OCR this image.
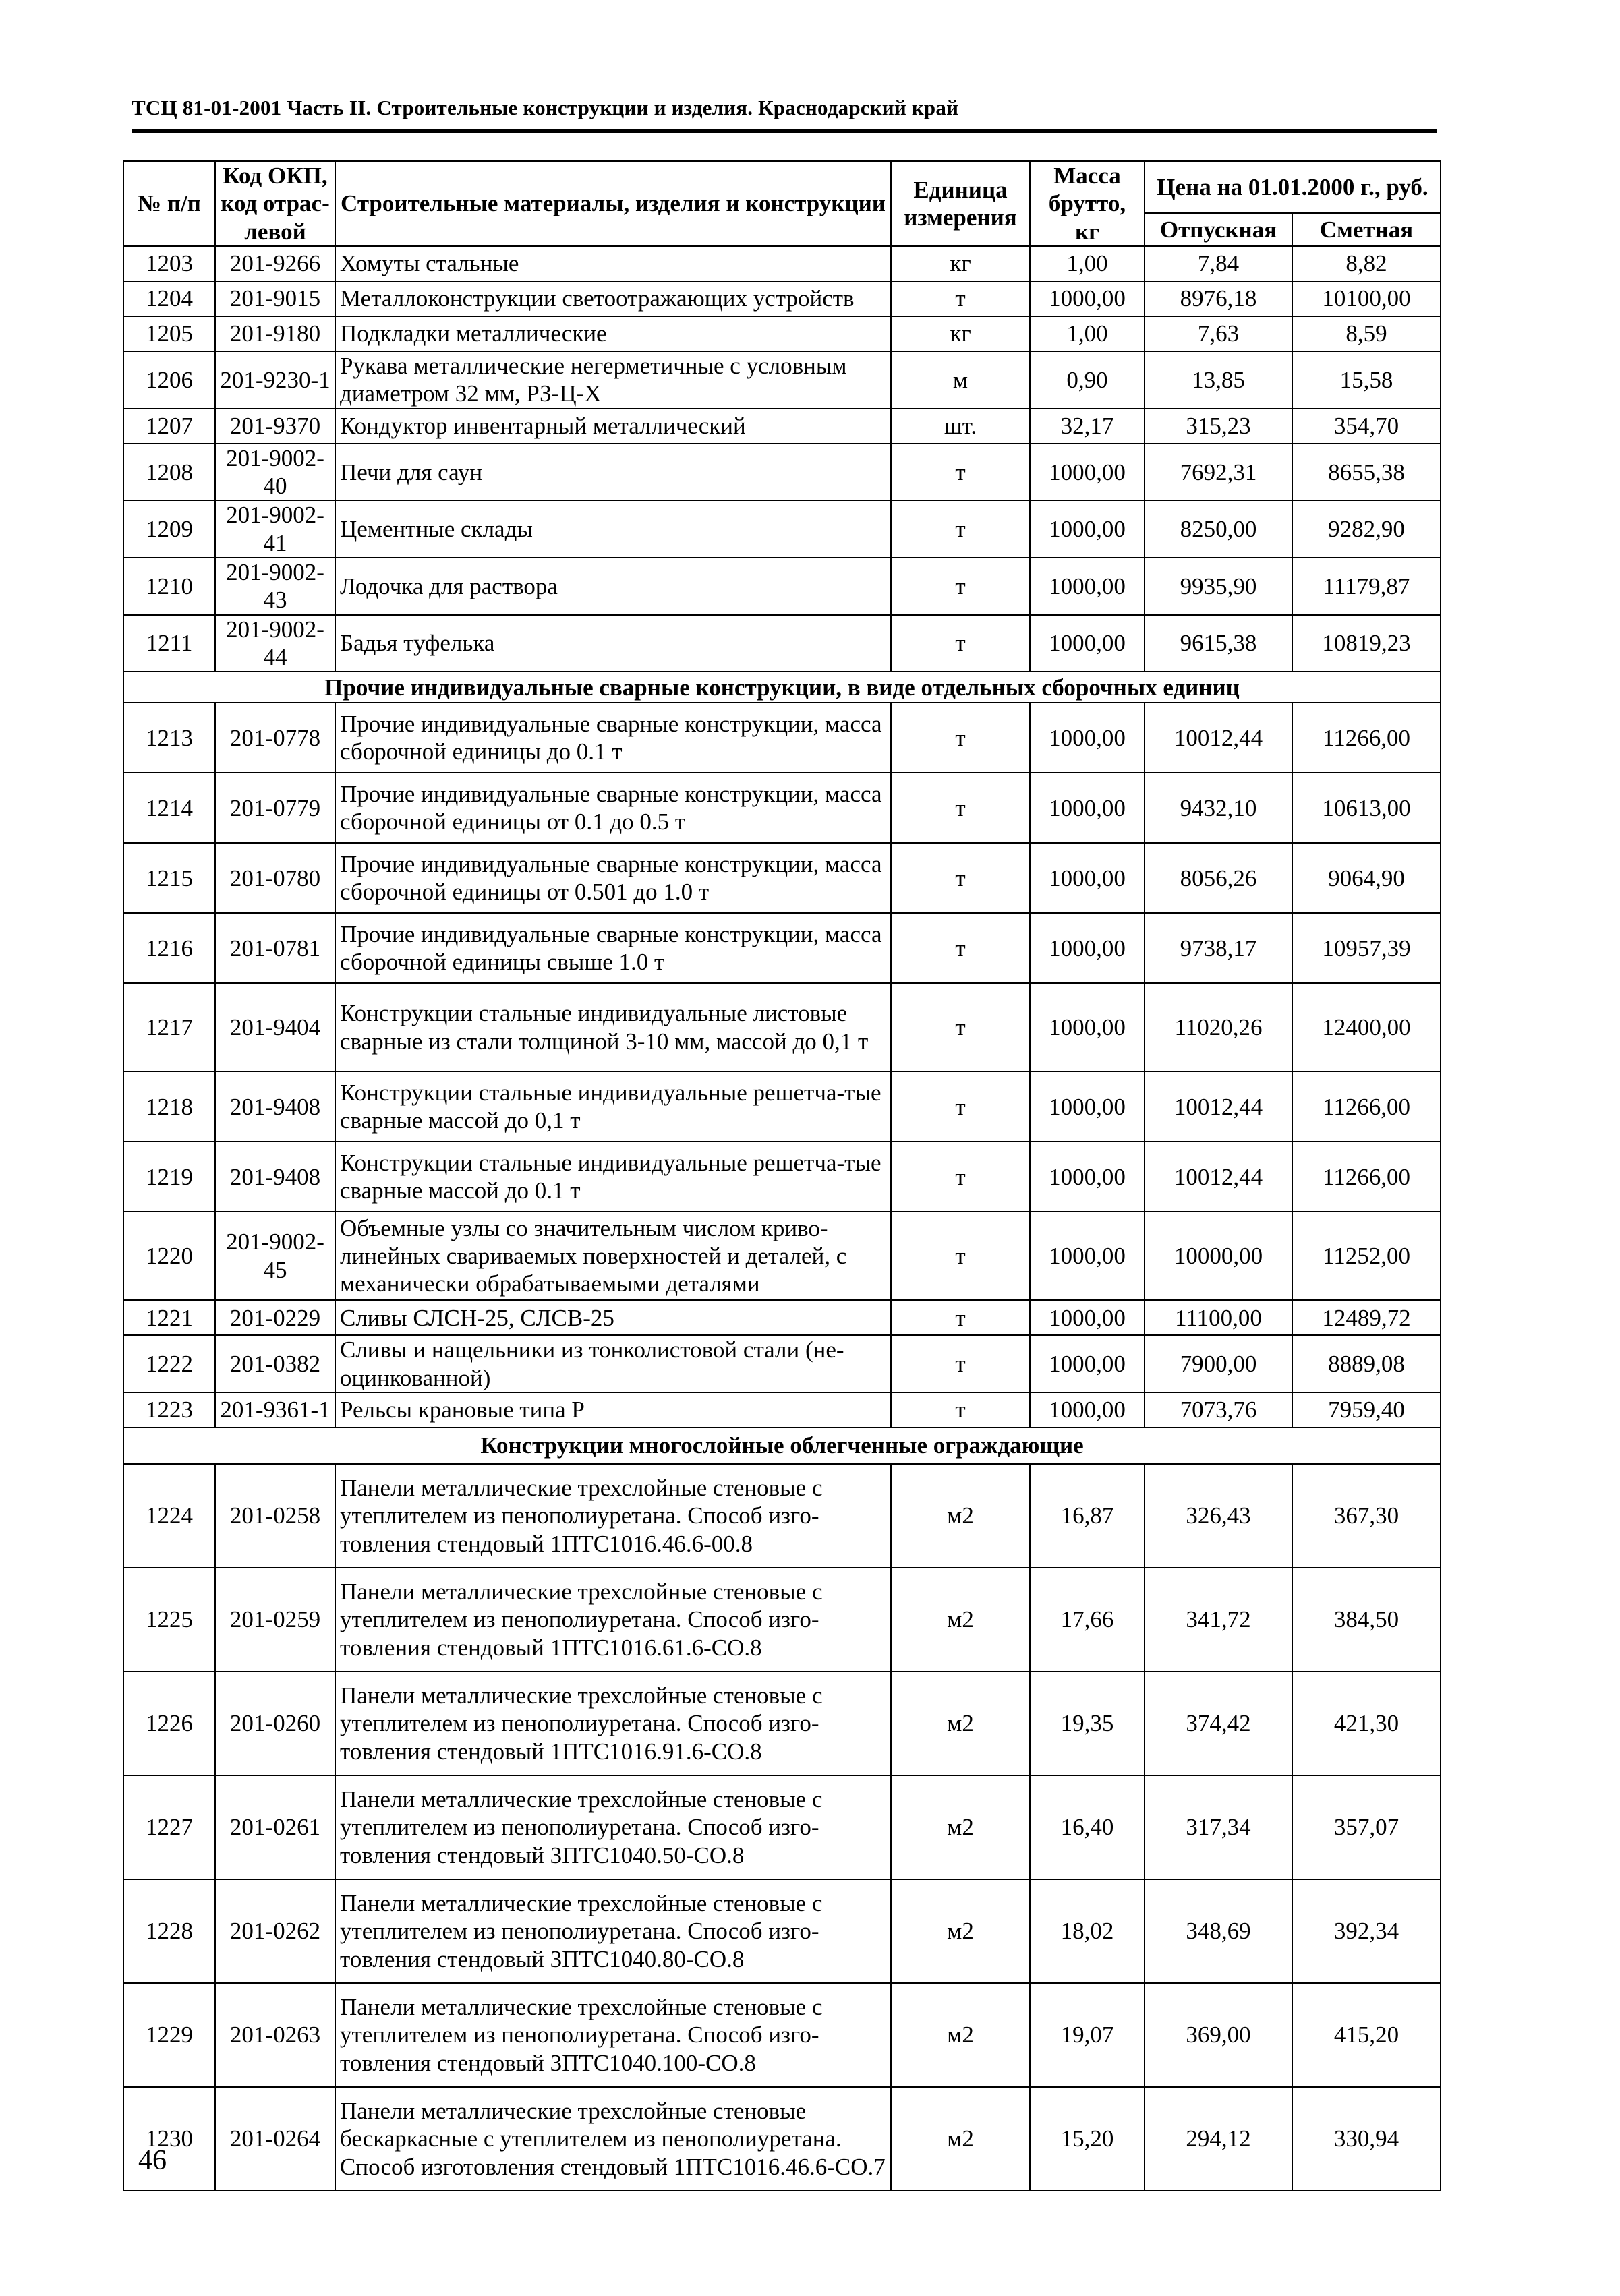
ТСЦ 81-01-2001 Часть II. Строительные конструкции и изделия. Краснодарский край
№ п/п	Код ОКП, код отрас-левой	Строительные материалы, изделия и конструкции	Единица измерения	Масса брутто, кг	Цена на 01.01.2000 г., руб.	
					Отпускная	Сметная
1203	201-9266	Хомуты стальные	кг	1,00	7,84	8,82
1204	201-9015	Металлоконструкции светоотражающих устройств	т	1000,00	8976,18	10100,00
1205	201-9180	Подкладки металлические	кг	1,00	7,63	8,59
1206	201-9230-1	Рукава металлические негерметичные с условным диаметром 32 мм, РЗ-Ц-Х	м	0,90	13,85	15,58
1207	201-9370	Кондуктор инвентарный металлический	шт.	32,17	315,23	354,70
1208	201-9002-40	Печи для саун	т	1000,00	7692,31	8655,38
1209	201-9002-41	Цементные склады	т	1000,00	8250,00	9282,90
1210	201-9002-43	Лодочка для раствора	т	1000,00	9935,90	11179,87
1211	201-9002-44	Бадья туфелька	т	1000,00	9615,38	10819,23
Прочие индивидуальные сварные конструкции, в виде отдельных сборочных единиц						
1213	201-0778	Прочие индивидуальные сварные конструкции, масса сборочной единицы до 0.1 т	т	1000,00	10012,44	11266,00
1214	201-0779	Прочие индивидуальные сварные конструкции, масса сборочной единицы от 0.1 до 0.5 т	т	1000,00	9432,10	10613,00
1215	201-0780	Прочие индивидуальные сварные конструкции, масса сборочной единицы от 0.501 до 1.0 т	т	1000,00	8056,26	9064,90
1216	201-0781	Прочие индивидуальные сварные конструкции, масса сборочной единицы свыше 1.0 т	т	1000,00	9738,17	10957,39
1217	201-9404	Конструкции стальные индивидуальные листовые сварные из стали толщиной 3-10 мм, массой до 0,1 т	т	1000,00	11020,26	12400,00
1218	201-9408	Конструкции стальные индивидуальные решетча-тые сварные массой до 0,1 т	т	1000,00	10012,44	11266,00
1219	201-9408	Конструкции стальные индивидуальные решетча-тые сварные массой до 0.1 т	т	1000,00	10012,44	11266,00
1220	201-9002-45	Объемные узлы со значительным числом криво-линейных свариваемых поверхностей и деталей, с механически обрабатываемыми деталями	т	1000,00	10000,00	11252,00
1221	201-0229	Сливы СЛСН-25, СЛСВ-25	т	1000,00	11100,00	12489,72
1222	201-0382	Сливы и нащельники из тонколистовой стали (не-оцинкованной)	т	1000,00	7900,00	8889,08
1223	201-9361-1	Рельсы крановые типа Р	т	1000,00	7073,76	7959,40
Конструкции многослойные облегченные ограждающие						
1224	201-0258	Панели металлические трехслойные стеновые с утеплителем из пенополиуретана. Способ изго-товления стендовый 1ПТС1016.46.6-00.8	м2	16,87	326,43	367,30
1225	201-0259	Панели металлические трехслойные стеновые с утеплителем из пенополиуретана. Способ изго-товления стендовый 1ПТС1016.61.6-СО.8	м2	17,66	341,72	384,50
1226	201-0260	Панели металлические трехслойные стеновые с утеплителем из пенополиуретана. Способ изго-товления стендовый 1ПТС1016.91.6-СО.8	м2	19,35	374,42	421,30
1227	201-0261	Панели металлические трехслойные стеновые с утеплителем из пенополиуретана. Способ изго-товления стендовый 3ПТС1040.50-СО.8	м2	16,40	317,34	357,07
1228	201-0262	Панели металлические трехслойные стеновые с утеплителем из пенополиуретана. Способ изго-товления стендовый 3ПТС1040.80-СО.8	м2	18,02	348,69	392,34
1229	201-0263	Панели металлические трехслойные стеновые с утеплителем из пенополиуретана. Способ изго-товления стендовый 3ПТС1040.100-СО.8	м2	19,07	369,00	415,20
1230	201-0264	Панели металлические трехслойные стеновые бескаркасные с утеплителем из пенополиуретана. Способ изготовления стендовый 1ПТС1016.46.6-СО.7	м2	15,20	294,12	330,94
46
